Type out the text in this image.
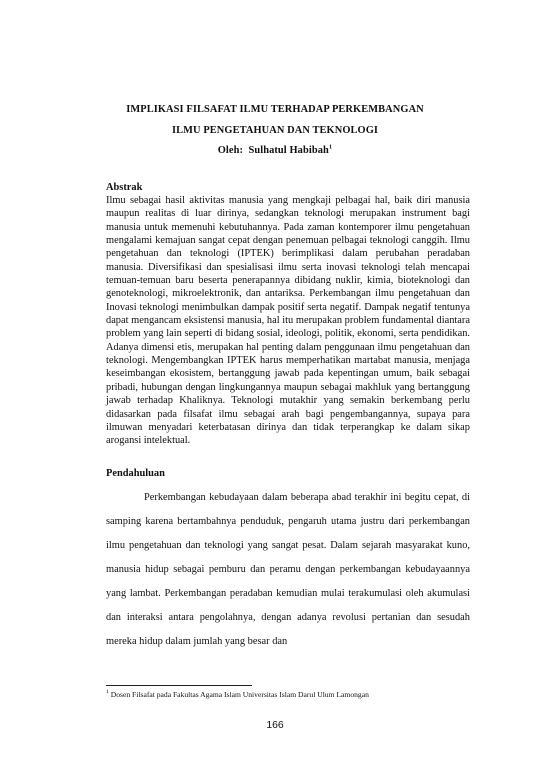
IMPLIKASI FILSAFAT ILMU TERHADAP PERKEMBANGAN
ILMU PENGETAHUAN DAN TEKNOLOGI
Oleh: Sulhatul Habibah$^1$
Abstrak

Ilmu sebagai hasil aktivitas manusia yang mengkaji pelbagai hal, baik diri manusia maupun realitas di luar dirinya, sedangkan teknologi merupakan instrument bagi manusia untuk memenuhi kebutuhannya. Pada zaman kontemporer ilmu pengetahuan mengalami kemajuan sangat cepat dengan penemuan pelbagai teknologi canggih. Ilmu pengetahuan dan teknologi (IPTEK) berimplikasi dalam perubahan peradaban manusia. Diversifikasi dan spesialisasi ilmu serta inovasi teknologi telah mencapai temuan-temuan baru beserta penerapannya dibidang nuklir, kimia, bioteknologi dan genoteknologi, mikroelektronik, dan antariksa. Perkembangan ilmu pengetahuan dan Inovasi teknologi menimbulkan dampak positif serta negatif. Dampak negatif tentunya dapat mengancam eksistensi manusia, hal itu merupakan problem fundamental diantara problem yang lain seperti di bidang sosial, ideologi, politik, ekonomi, serta pendidikan. Adanya dimensi etis, merupakan hal penting dalam penggunaan ilmu pengetahuan dan teknologi. Mengembangkan IPTEK harus memperhatikan martabat manusia, menjaga keseimbangan ekosistem, bertanggung jawab pada kepentingan umum, baik sebagai pribadi, hubungan dengan lingkungannya maupun sebagai makhluk yang bertanggung jawab terhadap Khaliknya. Teknologi mutakhir yang semakin berkembang perlu didasarkan pada filsafat ilmu sebagai arah bagi pengembangannya, supaya para ilmuwan menyadari keterbatasan dirinya dan tidak terperangkap ke dalam sikap arogansi intelektual.

Pendahuluan

Perkembangan kebudayaan dalam beberapa abad terakhir ini begitu cepat, di samping karena bertambahnya penduduk, pengaruh utama justru dari perkembangan ilmu pengetahuan dan teknologi yang sangat pesat. Dalam sejarah masyarakat kuno, manusia hidup sebagai pemburu dan peramu dengan perkembangan kebudayaannya yang lambat. Perkembangan peradaban kemudian mulai terakumulasi oleh akumulasi dan interaksi antara pengolahnya, dengan adanya revolusi pertanian dan sesudah mereka hidup dalam jumlah yang besar dan

$^1$ Dosen Filsafat pada Fakultas Agama Islam Universitas Islam Darul Ulum Lamongan
166
